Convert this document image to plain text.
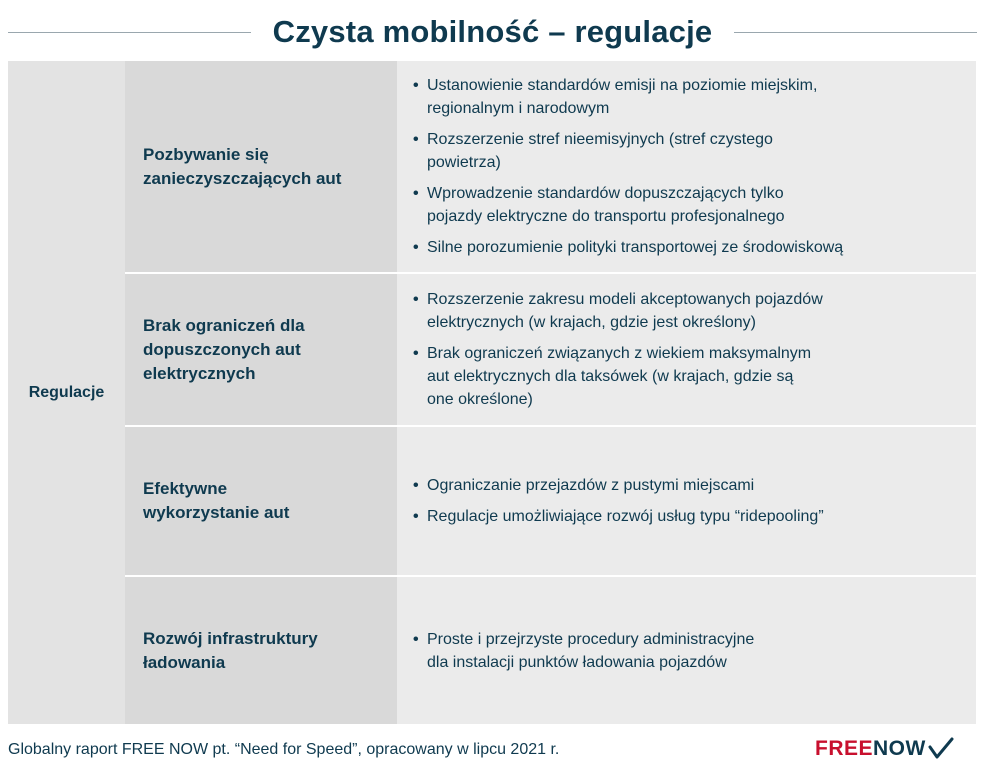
Czysta mobilność – regulacje
Regulacje
Pozbywanie się
zanieczyszczających aut
• Ustanowienie standardów emisji na poziomie miejskim,
regionalnym i narodowym
• Rozszerzenie stref nieemisyjnych (stref czystego
powietrza)
• Wprowadzenie standardów dopuszczających tylko
pojazdy elektryczne do transportu profesjonalnego
• Silne porozumienie polityki transportowej ze środowiskową
Brak ograniczeń dla
dopuszczonych aut
elektrycznych
• Rozszerzenie zakresu modeli akceptowanych pojazdów
elektrycznych (w krajach, gdzie jest określony)
• Brak ograniczeń związanych z wiekiem maksymalnym
aut elektrycznych dla taksówek (w krajach, gdzie są
one określone)
Efektywne
wykorzystanie aut
• Ograniczanie przejazdów z pustymi miejscami
• Regulacje umożliwiające rozwój usług typu “ridepooling”
Rozwój infrastruktury
ładowania
• Proste i przejrzyste procedury administracyjne
dla instalacji punktów ładowania pojazdów
Globalny raport FREE NOW pt. “Need for Speed”, opracowany w lipcu 2021 r.	FREE NOW
